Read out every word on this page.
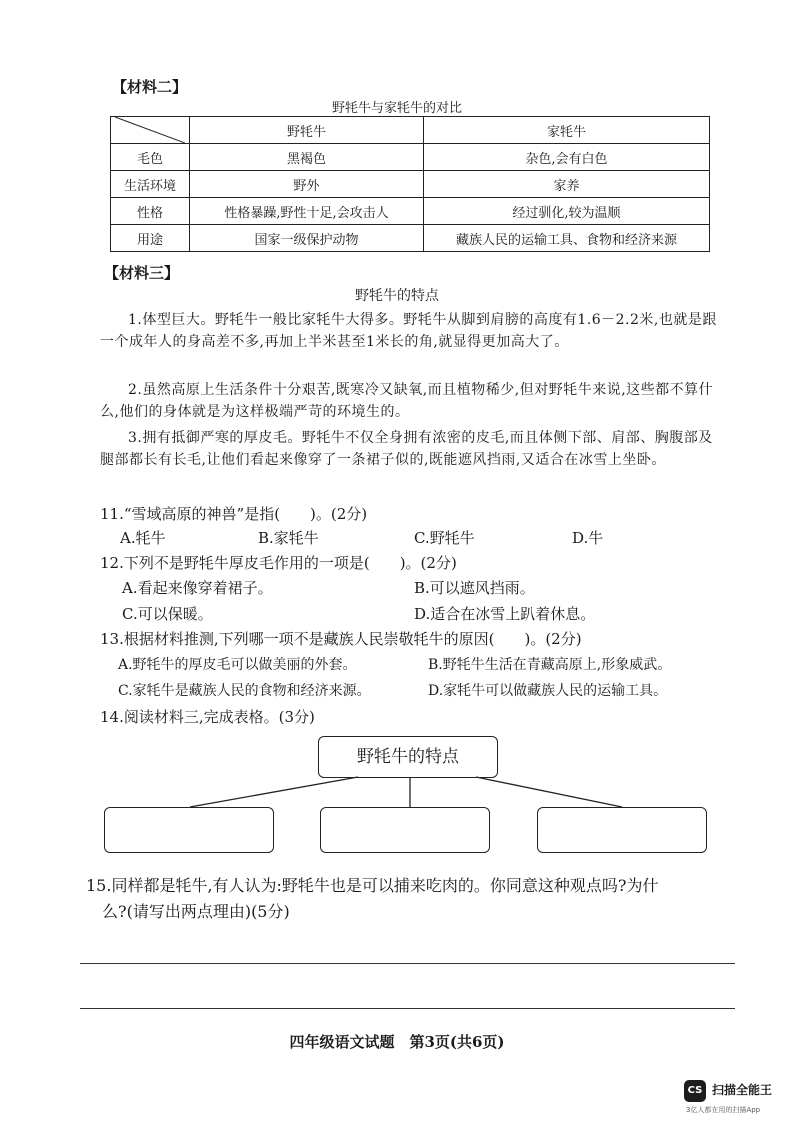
【材料二】
野牦牛与家牦牛的对比
	野牦牛	家牦牛
毛色	黑褐色	杂色,会有白色
生活环境	野外	家养
性格	性格暴躁,野性十足,会攻击人	经过驯化,较为温顺
用途	国家一级保护动物	藏族人民的运输工具、食物和经济来源
【材料三】
野牦牛的特点
1.体型巨大。野牦牛一般比家牦牛大得多。野牦牛从脚到肩膀的高度有1.6－2.2米,也就是跟一个成年人的身高差不多,再加上半米甚至1米长的角,就显得更加高大了。
2.虽然高原上生活条件十分艰苦,既寒冷又缺氧,而且植物稀少,但对野牦牛来说,这些都不算什么,他们的身体就是为这样极端严苛的环境生的。
3.拥有抵御严寒的厚皮毛。野牦牛不仅全身拥有浓密的皮毛,而且体侧下部、肩部、胸腹部及腿部都长有长毛,让他们看起来像穿了一条裙子似的,既能遮风挡雨,又适合在冰雪上坐卧。
11.“雪域高原的神兽”是指(　　)。(2分)
A.牦牛	B.家牦牛	C.野牦牛	D.牛
12.下列不是野牦牛厚皮毛作用的一项是(　　)。(2分)
A.看起来像穿着裙子。	B.可以遮风挡雨。
C.可以保暖。	D.适合在冰雪上趴着休息。
13.根据材料推测,下列哪一项不是藏族人民崇敬牦牛的原因(　　)。(2分)
A.野牦牛的厚皮毛可以做美丽的外套。	B.野牦牛生活在青藏高原上,形象威武。
C.家牦牛是藏族人民的食物和经济来源。	D.家牦牛可以做藏族人民的运输工具。
14.阅读材料三,完成表格。(3分)
野牦牛的特点
15.同样都是牦牛,有人认为:野牦牛也是可以捕来吃肉的。你同意这种观点吗?为什
么?(请写出两点理由)(5分)
四年级语文试题　第3页(共6页)
CS 扫描全能王
3亿人都在用的扫描App
